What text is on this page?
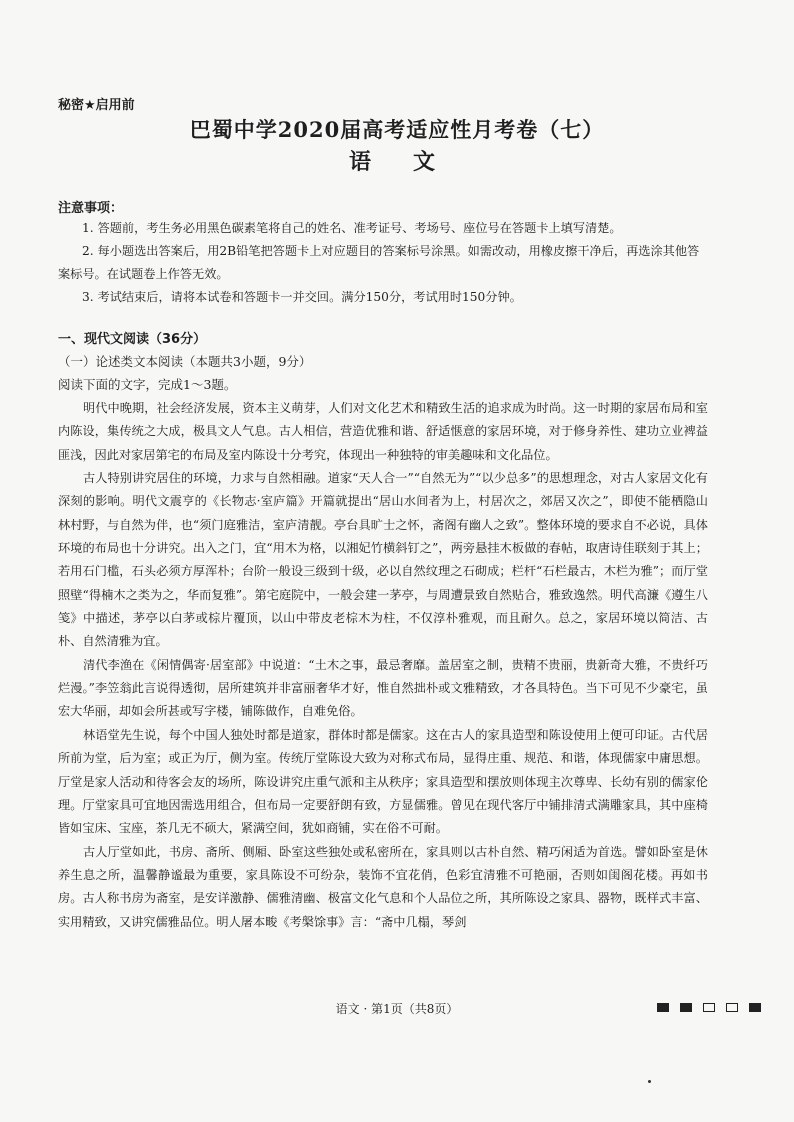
秘密★启用前
巴蜀中学2020届高考适应性月考卷（七）
语　文
注意事项：

1. 答题前，考生务必用黑色碳素笔将自己的姓名、准考证号、考场号、座位号在答题卡上填写清楚。

2. 每小题选出答案后，用2B铅笔把答题卡上对应题目的答案标号涂黑。如需改动，用橡皮擦干净后，再选涂其他答案标号。在试题卷上作答无效。

3. 考试结束后，请将本试卷和答题卡一并交回。满分150分，考试用时150分钟。

一、现代文阅读（36分）
（一）论述类文本阅读（本题共3小题，9分）
阅读下面的文字，完成1～3题。

明代中晚期，社会经济发展，资本主义萌芽，人们对文化艺术和精致生活的追求成为时尚。这一时期的家居布局和室内陈设，集传统之大成，极具文人气息。古人相信，营造优雅和谐、舒适惬意的家居环境，对于修身养性、建功立业裨益匪浅，因此对家居第宅的布局及室内陈设十分考究，体现出一种独特的审美趣味和文化品位。

古人特别讲究居住的环境，力求与自然相融。道家“天人合一”“自然无为”“以少总多”的思想理念，对古人家居文化有深刻的影响。明代文震亨的《长物志·室庐篇》开篇就提出“居山水间者为上，村居次之，郊居又次之”，即使不能栖隐山林村野，与自然为伴，也“须门庭雅洁，室庐清靓。亭台具旷士之怀，斋阁有幽人之致”。整体环境的要求自不必说，具体环境的布局也十分讲究。出入之门，宜“用木为格，以湘妃竹横斜钉之”，两旁悬挂木板做的春帖，取唐诗佳联刻于其上；若用石门槛，石头必须方厚浑朴；台阶一般设三级到十级，必以自然纹理之石砌成；栏杆“石栏最古，木栏为雅”；而厅堂照壁“得楠木之类为之，华而复雅”。第宅庭院中，一般会建一茅亭，与周遭景致自然贴合，雅致逸然。明代高濂《遵生八笺》中描述，茅亭以白茅或棕片覆顶，以山中带皮老棕木为柱，不仅淳朴雅观，而且耐久。总之，家居环境以简洁、古朴、自然清雅为宜。

清代李渔在《闲情偶寄·居室部》中说道：“土木之事，最忌奢靡。盖居室之制，贵精不贵丽，贵新奇大雅，不贵纤巧烂漫。”李笠翁此言说得透彻，居所建筑并非富丽奢华才好，惟自然拙朴或文雅精致，才各具特色。当下可见不少豪宅，虽宏大华丽，却如会所甚或写字楼，铺陈做作，自难免俗。

林语堂先生说，每个中国人独处时都是道家，群体时都是儒家。这在古人的家具造型和陈设使用上便可印证。古代居所前为堂，后为室；或正为厅，侧为室。传统厅堂陈设大致为对称式布局，显得庄重、规范、和谐，体现儒家中庸思想。厅堂是家人活动和待客会友的场所，陈设讲究庄重气派和主从秩序；家具造型和摆放则体现主次尊卑、长幼有别的儒家伦理。厅堂家具可宜地因需选用组合，但布局一定要舒朗有致，方显儒雅。曾见在现代客厅中铺排清式满雕家具，其中座椅皆如宝床、宝座，茶几无不硕大，紧满空间，犹如商铺，实在俗不可耐。

古人厅堂如此，书房、斋所、侧厢、卧室这些独处或私密所在，家具则以古朴自然、精巧闲适为首选。譬如卧室是休养生息之所，温馨静谧最为重要，家具陈设不可纷杂，装饰不宜花俏，色彩宜清雅不可艳丽，否则如闺阁花楼。再如书房。古人称书房为斋室，是安详激静、儒雅清幽、极富文化气息和个人品位之所，其所陈设之家具、器物，既样式丰富、实用精致，又讲究儒雅品位。明人屠本畯《考槃馀事》言：“斋中几榻，琴剑

语文 · 第1页（共8页）
